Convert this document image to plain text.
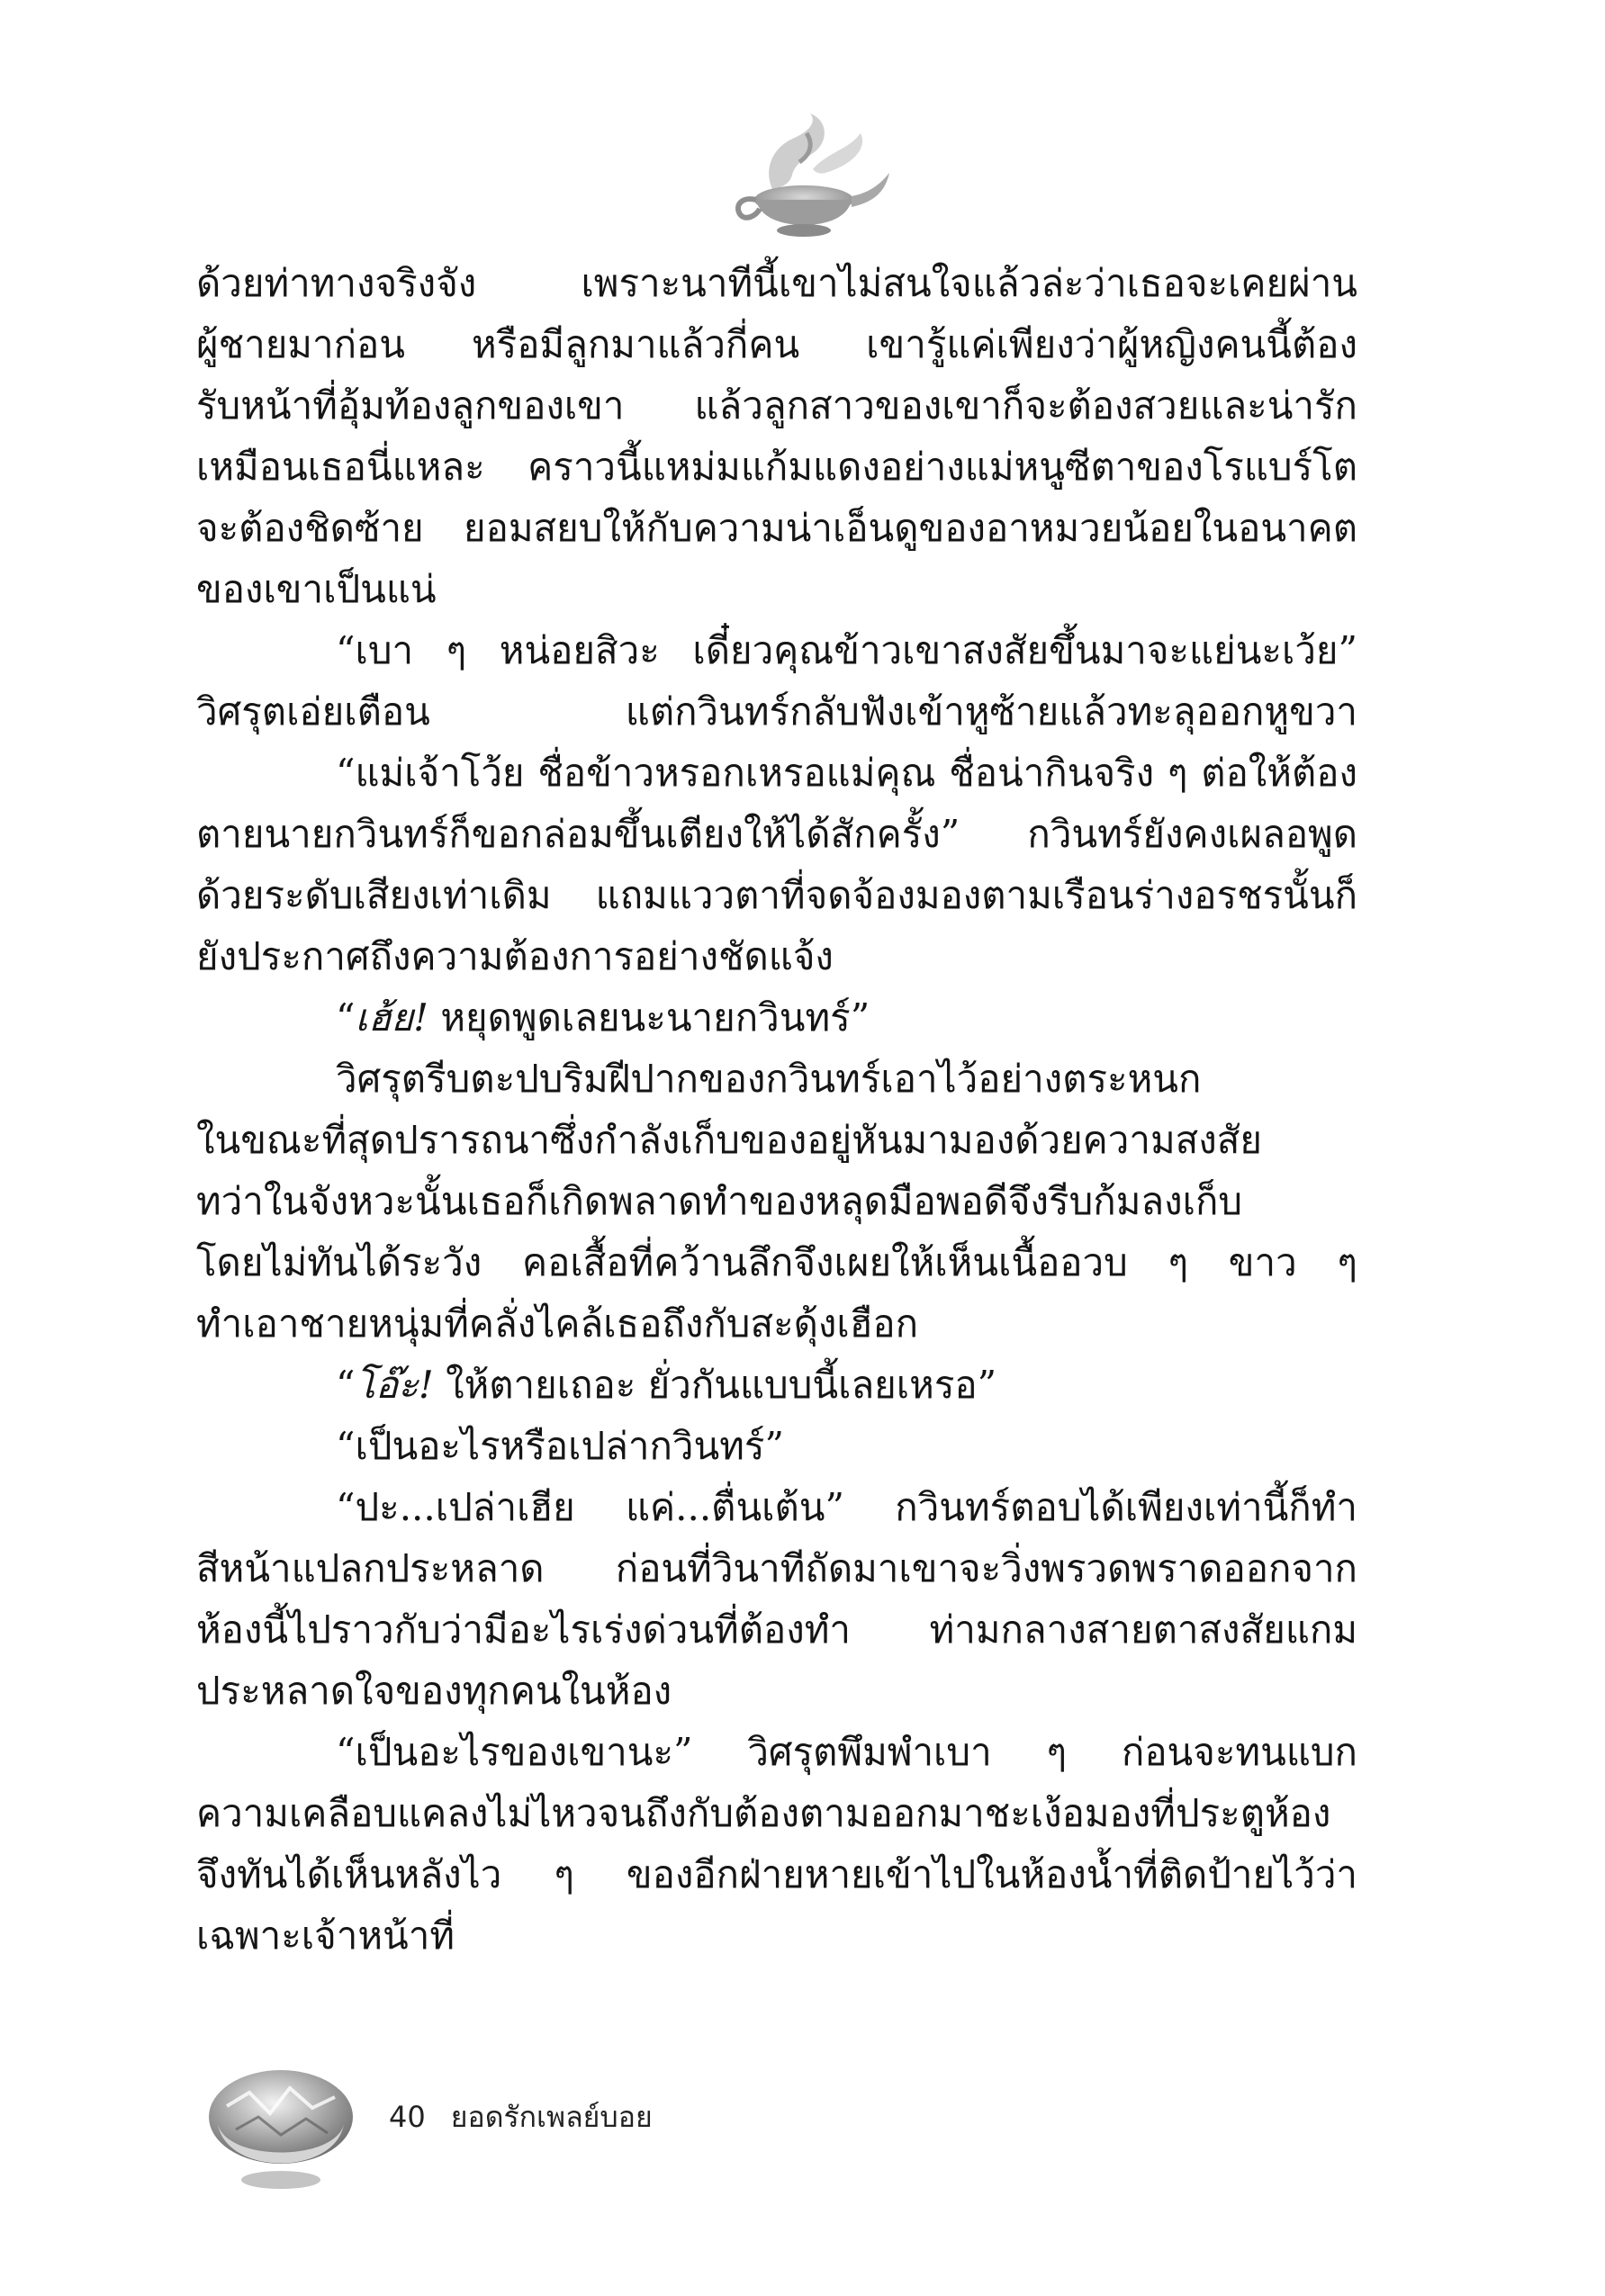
ด้วยท่าทางจริงจัง เพราะนาทีนี้เขาไม่สนใจแล้วล่ะว่าเธอจะเคยผ่าน
ผู้ชายมาก่อน หรือมีลูกมาแล้วกี่คน เขารู้แค่เพียงว่าผู้หญิงคนนี้ต้อง
รับหน้าที่อุ้มท้องลูกของเขา แล้วลูกสาวของเขาก็จะต้องสวยและน่ารัก
เหมือนเธอนี่แหละ คราวนี้แหม่มแก้มแดงอย่างแม่หนูซีตาของโรแบร์โต
จะต้องชิดซ้าย ยอมสยบให้กับความน่าเอ็นดูของอาหมวยน้อยในอนาคต
ของเขาเป็นแน่
“เบา ๆ หน่อยสิวะ เดี๋ยวคุณข้าวเขาสงสัยขึ้นมาจะแย่นะเว้ย”
วิศรุตเอ่ยเตือน แต่กวินทร์กลับฟังเข้าหูซ้ายแล้วทะลุออกหูขวา
“แม่เจ้าโว้ย ชื่อข้าวหรอกเหรอแม่คุณ ชื่อน่ากินจริง ๆ ต่อให้ต้อง
ตายนายกวินทร์ก็ขอกล่อมขึ้นเตียงให้ได้สักครั้ง” กวินทร์ยังคงเผลอพูด
ด้วยระดับเสียงเท่าเดิม แถมแววตาที่จดจ้องมองตามเรือนร่างอรชรนั้นก็
ยังประกาศถึงความต้องการอย่างชัดแจ้ง
“เฮ้ย! หยุดพูดเลยนะนายกวินทร์”
วิศรุตรีบตะปบริมฝีปากของกวินทร์เอาไว้อย่างตระหนก
ในขณะที่สุดปรารถนาซึ่งกำลังเก็บของอยู่หันมามองด้วยความสงสัย
ทว่าในจังหวะนั้นเธอก็เกิดพลาดทำของหลุดมือพอดีจึงรีบก้มลงเก็บ
โดยไม่ทันได้ระวัง คอเสื้อที่คว้านลึกจึงเผยให้เห็นเนื้ออวบ ๆ ขาว ๆ
ทำเอาชายหนุ่มที่คลั่งไคล้เธอถึงกับสะดุ้งเฮือก
“โอ๊ะ! ให้ตายเถอะ ยั่วกันแบบนี้เลยเหรอ”
“เป็นอะไรหรือเปล่ากวินทร์”
“ปะ...เปล่าเฮีย แค่...ตื่นเต้น” กวินทร์ตอบได้เพียงเท่านี้ก็ทำ
สีหน้าแปลกประหลาด ก่อนที่วินาทีถัดมาเขาจะวิ่งพรวดพราดออกจาก
ห้องนี้ไปราวกับว่ามีอะไรเร่งด่วนที่ต้องทำ ท่ามกลางสายตาสงสัยแกม
ประหลาดใจของทุกคนในห้อง
“เป็นอะไรของเขานะ” วิศรุตพึมพำเบา ๆ ก่อนจะทนแบก
ความเคลือบแคลงไม่ไหวจนถึงกับต้องตามออกมาชะเง้อมองที่ประตูห้อง
จึงทันได้เห็นหลังไว ๆ ของอีกฝ่ายหายเข้าไปในห้องน้ำที่ติดป้ายไว้ว่า
เฉพาะเจ้าหน้าที่
40 ยอดรักเพลย์บอย
